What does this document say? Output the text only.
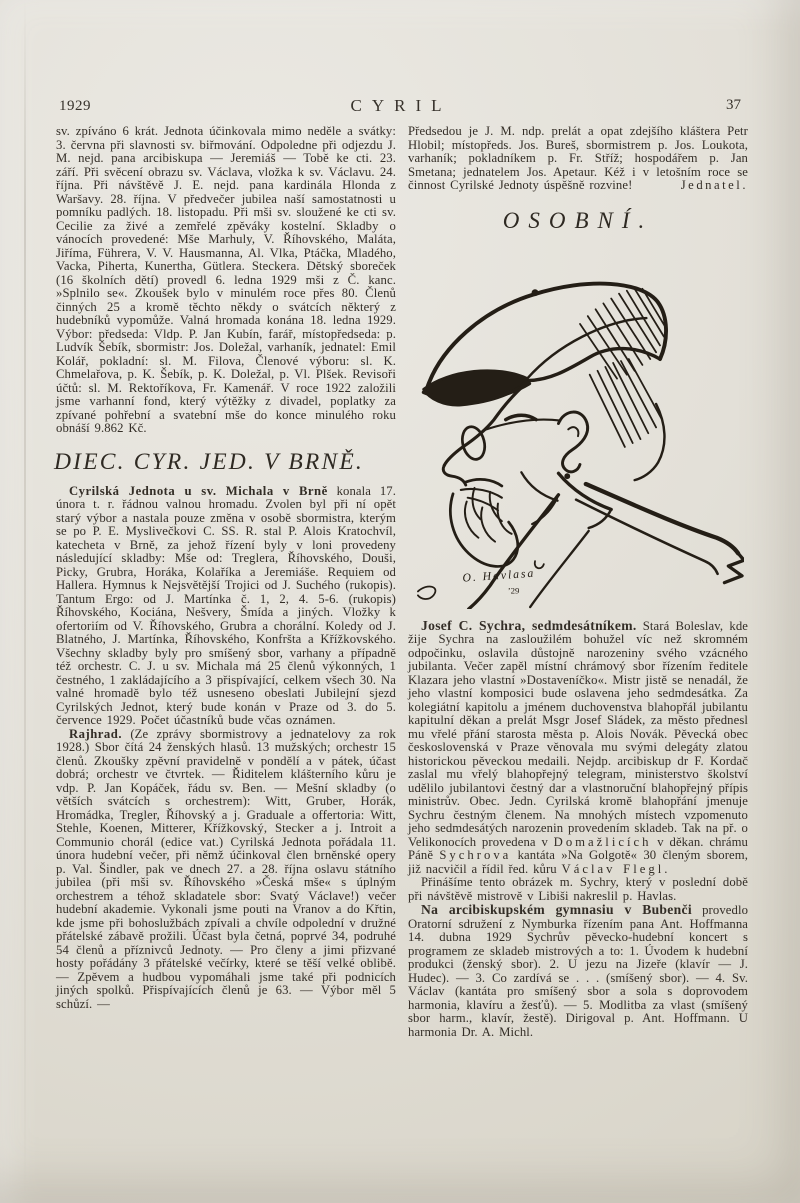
1929	CYRIL	37

sv. zpíváno 6 krát. Jednota účinkovala mimo neděle a svátky: 3. června při slavnosti sv. biřmování. Odpoledne při odjezdu J. M. nejd. pana arcibiskupa — Jeremiáš — Tobě ke cti. 23. září. Při svěcení obrazu sv. Václava, vložka k sv. Václavu. 24. října. Při návštěvě J. E. nejd. pana kardinála Hlonda z Waršavy. 28. října. V předvečer jubilea naší samostatnosti u pomníku padlých. 18. listopadu. Při mši sv. sloužené ke cti sv. Cecilie za živé a zemřelé zpěváky kostelní. Skladby o vánocích provedené: Mše Marhuly, V. Říhovského, Maláta, Jiříma, Führera, V. V. Hausmanna, Al. Vlka, Ptáčka, Mladého, Vacka, Piherta, Kunertha, Gütlera. Steckera. Dětský sboreček (16 školních dětí) provedl 6. ledna 1929 mši z Č. kanc. »Splnilo se«. Zkoušek bylo v minulém roce přes 80. Členů činných 25 a kromě těchto někdy o svátcích některý z hudebníků vypomůže. Valná hromada konána 18. ledna 1929. Výbor: předseda: Vldp. P. Jan Kubín, farář, místopředseda: p. Ludvík Šebík, sbormistr: Jos. Doležal, varhaník, jednatel: Emil Kolář, pokladní: sl. M. Filova, Členové výboru: sl. K. Chmelařova, p. K. Šebík, p. K. Doležal, p. Vl. Plšek. Revisoři účtů: sl. M. Rektoříkova, Fr. Kamenář. V roce 1922 založili jsme varhanní fond, který výtěžky z divadel, poplatky za zpívané pohřební a svatební mše do konce minulého roku obnáší 9.862 Kč.

DIEC. CYR. JED. V BRNĚ.

Cyrilská Jednota u sv. Michala v Brně konala 17. února t. r. řádnou valnou hromadu. Zvolen byl při ní opět starý výbor a nastala pouze změna v osobě sbormistra, kterým se po P. E. Myslivečkovi C. SS. R. stal P. Alois Kratochvíl, katecheta v Brně, za jehož řízení byly v loni provedeny následující skladby: Mše od: Treglera, Říhovského, Douši, Picky, Grubra, Horáka, Kolaříka a Jeremiáše. Requiem od Hallera. Hymnus k Nejsvětější Trojici od J. Suchého (rukopis). Tantum Ergo: od J. Martínka č. 1, 2, 4. 5-6. (rukopis) Říhovského, Kociána, Nešvery, Šmída a jiných. Vložky k ofertoriím od V. Říhovského, Grubra a chorální. Koledy od J. Blatného, J. Martínka, Říhovského, Konfršta a Křížkovského. Všechny skladby byly pro smíšený sbor, varhany a případně též orchestr. C. J. u sv. Michala má 25 členů výkonných, 1 čestného, 1 zakládajícího a 3 přispívající, celkem všech 30. Na valné hromadě bylo též usneseno obeslati Jubilejní sjezd Cyrilských Jednot, který bude konán v Praze od 3. do 5. července 1929. Počet účastníků bude včas oznámen.

Rajhrad. (Ze zprávy sbormistrovy a jednatelovy za rok 1928.) Sbor čítá 24 ženských hlasů. 13 mužských; orchestr 15 členů. Zkoušky zpěvní pravidelně v pondělí a v pátek, účast dobrá; orchestr ve čtvrtek. — Řiditelem klášterního kůru je vdp. P. Jan Kopáček, řádu sv. Ben. — Mešní skladby (o větších svátcích s orchestrem): Witt, Gruber, Horák, Hromádka, Tregler, Říhovský a j. Graduale a offertoria: Witt, Stehle, Koenen, Mitterer, Křížkovský, Stecker a j. Introit a Communio chorál (edice vat.) Cyrilská Jednota pořádala 11. února hudební večer, při němž účinkoval člen brněnské opery p. Val. Šindler, pak ve dnech 27. a 28. října oslavu státního jubilea (při mši sv. Říhovského »Česká mše« s úplným orchestrem a téhož skladatele sbor: Svatý Václave!) večer hudební akademie. Vykonali jsme pouti na Vranov a do Křtin, kde jsme při bohoslužbách zpívali a chvíle odpolední v družné přátelské zábavě prožili. Účast byla četná, poprvé 34, podruhé 54 členů a příznivců Jednoty. — Pro členy a jimi přizvané hosty pořádány 3 přátelské večírky, které se těší velké oblibě. — Zpěvem a hudbou vypomáhali jsme také při podnicích jiných spolků. Přispívajících členů je 63. — Výbor měl 5 schůzí. —

Předsedou je J. M. ndp. prelát a opat zdejšího kláštera Petr Hlobil; místopředs. Jos. Bureš, sbormistrem p. Jos. Loukota, varhaník; pokladníkem p. Fr. Stříž; hospodářem p. Jan Smetana; jednatelem Jos. Apetaur. Kéž i v letošním roce se činnost Cyrilské Jednoty úspěšně rozvine!	Jednatel.

OSOBNÍ.
O. Havlasa
’29

Josef C. Sychra, sedmdesátníkem. Stará Boleslav, kde žije Sychra na zasloužilém bohužel víc než skromném odpočinku, oslavila důstojně narozeniny svého vzácného jubilanta. Večer zapěl místní chrámový sbor řízením ředitele Klazara jeho vlastní »Dostaveníčko«. Mistr jistě se nenadál, že jeho vlastní komposici bude oslavena jeho sedmdesátka. Za kolegiátní kapitolu a jménem duchovenstva blahopřál jubilantu kapitulní děkan a prelát Msgr Josef Sládek, za město přednesl mu vřelé přání starosta města p. Alois Novák. Pěvecká obec československá v Praze věnovala mu svými delegáty zlatou historickou pěveckou medaili. Nejdp. arcibiskup dr F. Kordač zaslal mu vřelý blahopřejný telegram, ministerstvo školství udělilo jubilantovi čestný dar a vlastnoruční blahopřejný přípis ministrův. Obec. Jedn. Cyrilská kromě blahopřání jmenuje Sychru čestným členem. Na mnohých místech vzpomenuto jeho sedmdesátých narozenin provedením skladeb. Tak na př. o Velikonocích provedena v Domažlicích v děkan. chrámu Páně Sychrova kantáta »Na Golgotě« 30 členým sborem, již nacvičil a řídil řed. kůru Václav Flegl.

Přinášíme tento obrázek m. Sychry, který v poslední době při návštěvě mistrově v Libiši nakreslil p. Havlas.

Na arcibiskupském gymnasiu v Bubenči provedlo Oratorní sdružení z Nymburka řízením pana Ant. Hoffmanna 14. dubna 1929 Sychrův pěvecko-hudební koncert s programem ze skladeb mistrových a to: 1. Úvodem k hudební produkci (ženský sbor). 2. U jezu na Jizeře (klavír — J. Hudec). — 3. Co zardívá se . . . (smíšený sbor). — 4. Sv. Václav (kantáta pro smíšený sbor a sola s doprovodem harmonia, klavíru a žesťů). — 5. Modlitba za vlast (smíšený sbor harm., klavír, žestě). Dirigoval p. Ant. Hoffmann. U harmonia Dr. A. Michl.
